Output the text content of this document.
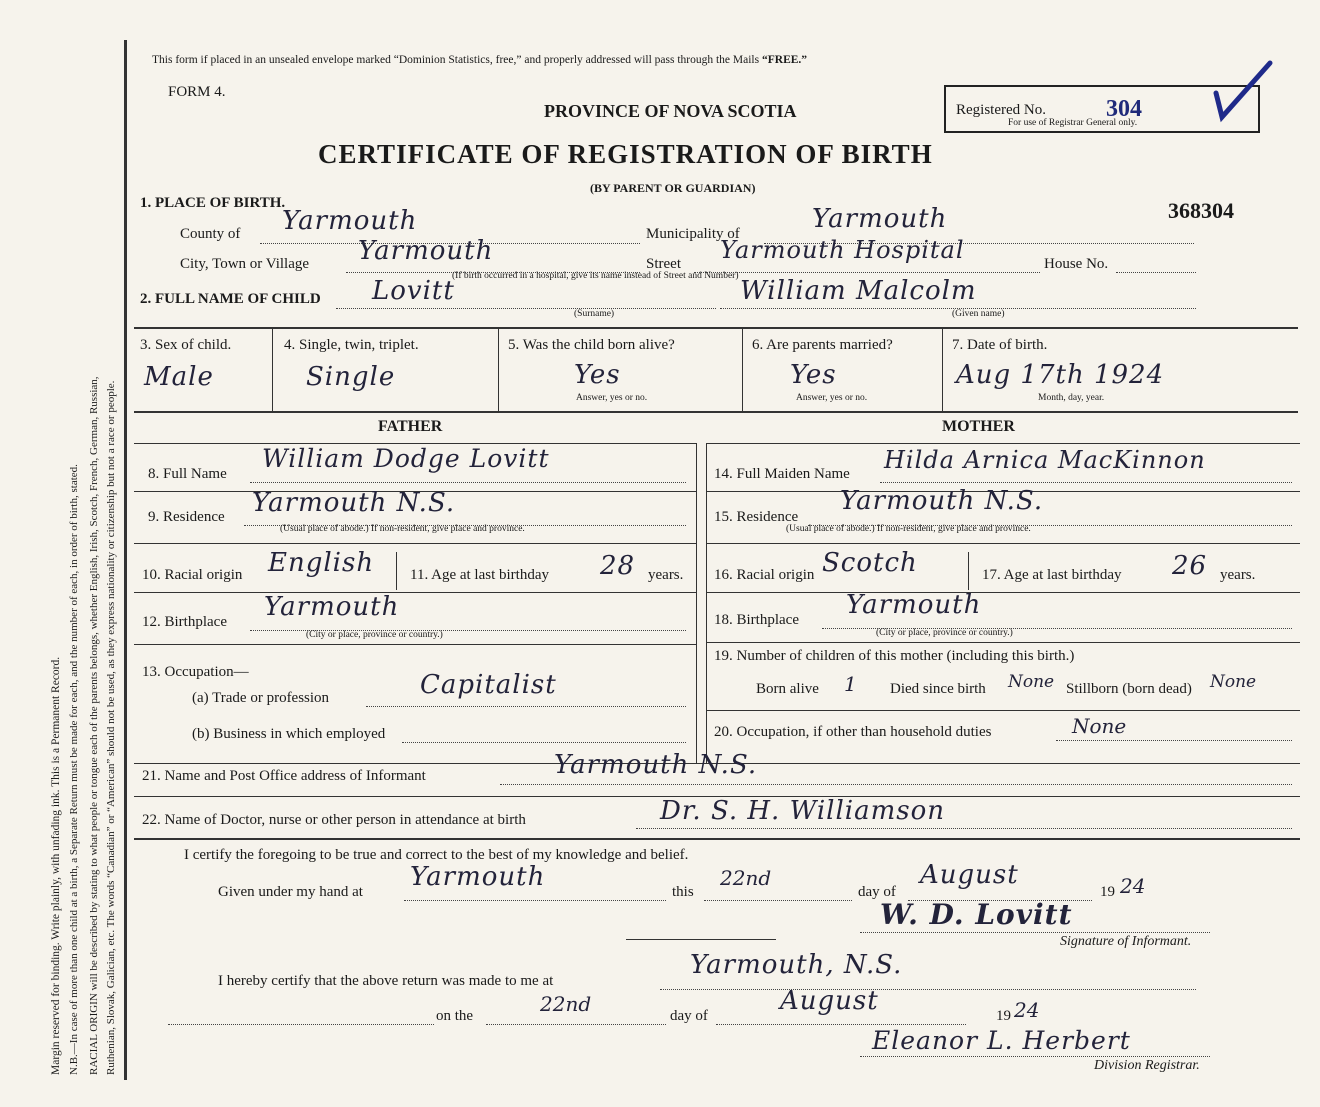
Margin reserved for binding. Write plainly, with unfading ink. This is a Permanent Record. N.B.—In case of more than one child at a birth, a Separate Return must be made for each, and the number of each, in order of birth, stated. RACIAL ORIGIN will be described by stating to what people or tongue each of the parents belongs, whether English, Irish, Scotch, French, German, Russian, Ruthenian, Slovak, Galician, etc. The words “Canadian” or “American” should not be used, as they express nationality or citizenship but not a race or people.
This form if placed in an unsealed envelope marked “Dominion Statistics, free,” and properly addressed will pass through the Mails “FREE.”
FORM 4.
PROVINCE OF NOVA SCOTIA
CERTIFICATE OF REGISTRATION OF BIRTH
(BY PARENT OR GUARDIAN)
Registered No.	304
For use of Registrar General only.
368304
1. PLACE OF BIRTH.
County of Yarmouth	Municipality of	Yarmouth
City, Town or Village Yarmouth	Street Yarmouth Hospital	House No.
(If birth occurred in a hospital, give its name instead of Street and Number)
2. FULL NAME OF CHILD Lovitt	William Malcolm
(Surname)	(Given name)
3. Sex of child.
Male
4. Single, twin, triplet.
Single
5. Was the child born alive?
Yes
Answer, yes or no.
6. Are parents married?
Yes
Answer, yes or no.
7. Date of birth.
Aug 17th 1924
Month, day, year.
FATHER	MOTHER
8. Full Name
William Dodge Lovitt
9. Residence Yarmouth N.S.
(Usual place of abode.) If non-resident, give place and province.
10. Racial origin English 11. Age at last birthday 28 years.
12. Birthplace Yarmouth
(City or place, province or country.)
13. Occupation—
(a) Trade or profession	Capitalist
(b) Business in which employed
14. Full Maiden Name Hilda Arnica MacKinnon
15. Residence
Yarmouth N.S.
(Usual place of abode.) If non-resident, give place and province.
16. Racial origin Scotch	17. Age at last birthday 26 years.
18. Birthplace Yarmouth
(City or place, province or country.)
19. Number of children of this mother (including this birth.)
Born alive 1 Died since birth None Stillborn (born dead) None
20. Occupation, if other than household duties	None
21. Name and Post Office address of Informant	Yarmouth N.S.
22. Name of Doctor, nurse or other person in attendance at birth	Dr. S. H. Williamson
I certify the foregoing to be true and correct to the best of my knowledge and belief.
Given under my hand at Yarmouth	this
22nd
day of
August
19 24
W. D. Lovitt
Signature of Informant.
I hereby certify that the above return was made to me at
Yarmouth, N.S.
on the	22nd	day of	August	19 24
Eleanor L. Herbert
Division Registrar.
